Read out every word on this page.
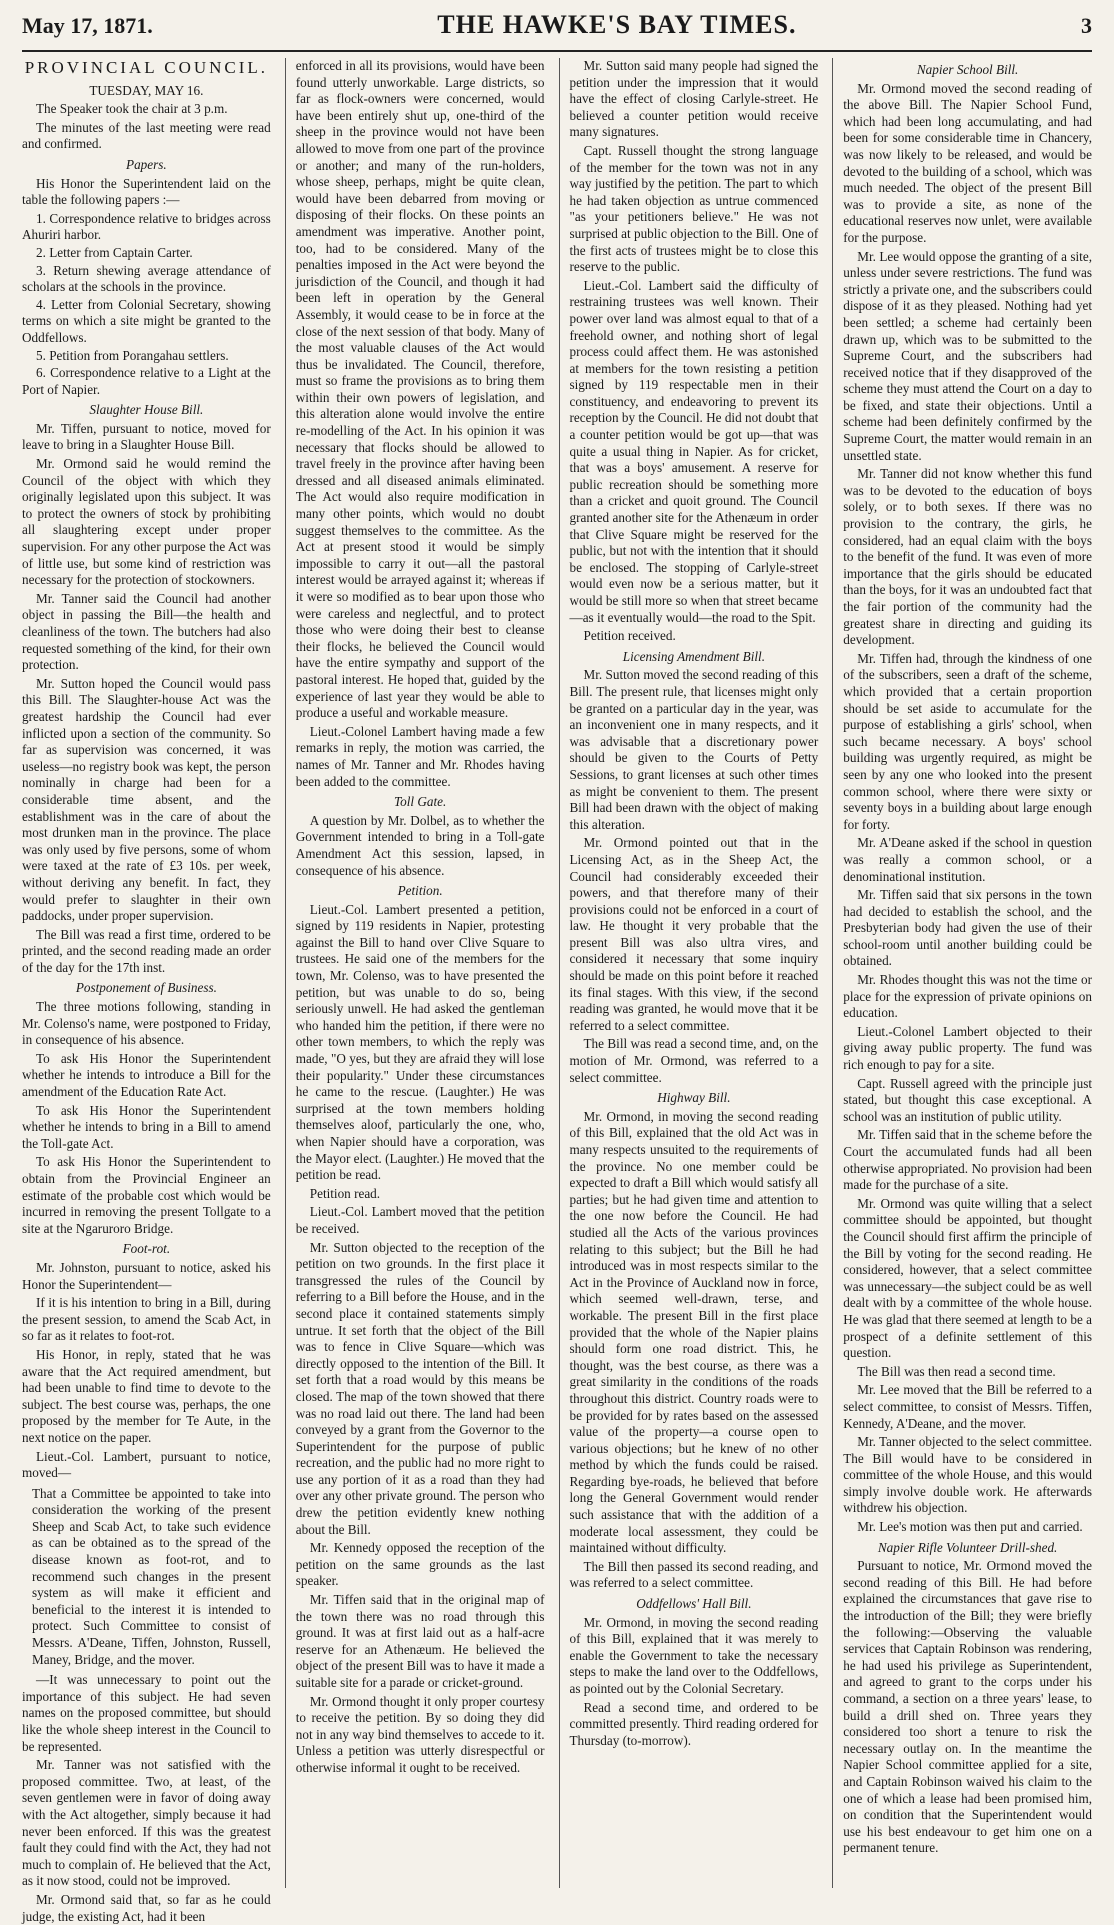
May 17, 1871.	THE HAWKE'S BAY TIMES.	3
PROVINCIAL COUNCIL.
TUESDAY, MAY 16.

The Speaker took the chair at 3 p.m.

The minutes of the last meeting were read and confirmed.

Papers.

His Honor the Superintendent laid on the table the following papers :—

1. Correspondence relative to bridges across Ahuriri harbor.
2. Letter from Captain Carter.
3. Return shewing average attendance of scholars at the schools in the province.
4. Letter from Colonial Secretary, showing terms on which a site might be granted to the Oddfellows.
5. Petition from Porangahau settlers.
6. Correspondence relative to a Light at the Port of Napier.
Slaughter House Bill.

Mr. Tiffen, pursuant to notice, moved for leave to bring in a Slaughter House Bill.

Mr. Ormond said he would remind the Council of the object with which they originally legislated upon this subject. It was to protect the owners of stock by prohibiting all slaughtering except under proper supervision. For any other purpose the Act was of little use, but some kind of restriction was necessary for the protection of stockowners.

Mr. Tanner said the Council had another object in passing the Bill—the health and cleanliness of the town. The butchers had also requested something of the kind, for their own protection.

Mr. Sutton hoped the Council would pass this Bill. The Slaughter-house Act was the greatest hardship the Council had ever inflicted upon a section of the community. So far as supervision was concerned, it was useless—no registry book was kept, the person nominally in charge had been for a considerable time absent, and the establishment was in the care of about the most drunken man in the province. The place was only used by five persons, some of whom were taxed at the rate of £3 10s. per week, without deriving any benefit. In fact, they would prefer to slaughter in their own paddocks, under proper supervision.

The Bill was read a first time, ordered to be printed, and the second reading made an order of the day for the 17th inst.

Postponement of Business.

The three motions following, standing in Mr. Colenso's name, were postponed to Friday, in consequence of his absence.

To ask His Honor the Superintendent whether he intends to introduce a Bill for the amendment of the Education Rate Act.

To ask His Honor the Superintendent whether he intends to bring in a Bill to amend the Toll-gate Act.

To ask His Honor the Superintendent to obtain from the Provincial Engineer an estimate of the probable cost which would be incurred in removing the present Tollgate to a site at the Ngaruroro Bridge.

Foot-rot.

Mr. Johnston, pursuant to notice, asked his Honor the Superintendent—

If it is his intention to bring in a Bill, during the present session, to amend the Scab Act, in so far as it relates to foot-rot.

His Honor, in reply, stated that he was aware that the Act required amendment, but had been unable to find time to devote to the subject. The best course was, perhaps, the one proposed by the member for Te Aute, in the next notice on the paper.

Lieut.-Col. Lambert, pursuant to notice, moved—

That a Committee be appointed to take into consideration the working of the present Sheep and Scab Act, to take such evidence as can be obtained as to the spread of the disease known as foot-rot, and to recommend such changes in the present system as will make it efficient and beneficial to the interest it is intended to protect. Such Committee to consist of Messrs. A'Deane, Tiffen, Johnston, Russell, Maney, Bridge, and the mover.

—It was unnecessary to point out the importance of this subject. He had seven names on the proposed committee, but should like the whole sheep interest in the Council to be represented.

Mr. Tanner was not satisfied with the proposed committee. Two, at least, of the seven gentlemen were in favor of doing away with the Act altogether, simply because it had never been enforced. If this was the greatest fault they could find with the Act, they had not much to complain of. He believed that the Act, as it now stood, could not be improved.

Mr. Ormond said that, so far as he could judge, the existing Act, had it been

enforced in all its provisions, would have been found utterly unworkable. Large districts, so far as flock-owners were concerned, would have been entirely shut up, one-third of the sheep in the province would not have been allowed to move from one part of the province or another; and many of the run-holders, whose sheep, perhaps, might be quite clean, would have been debarred from moving or disposing of their flocks. On these points an amendment was imperative. Another point, too, had to be considered. Many of the penalties imposed in the Act were beyond the jurisdiction of the Council, and though it had been left in operation by the General Assembly, it would cease to be in force at the close of the next session of that body. Many of the most valuable clauses of the Act would thus be invalidated. The Council, therefore, must so frame the provisions as to bring them within their own powers of legislation, and this alteration alone would involve the entire re-modelling of the Act. In his opinion it was necessary that flocks should be allowed to travel freely in the province after having been dressed and all diseased animals eliminated. The Act would also require modification in many other points, which would no doubt suggest themselves to the committee. As the Act at present stood it would be simply impossible to carry it out—all the pastoral interest would be arrayed against it; whereas if it were so modified as to bear upon those who were careless and neglectful, and to protect those who were doing their best to cleanse their flocks, he believed the Council would have the entire sympathy and support of the pastoral interest. He hoped that, guided by the experience of last year they would be able to produce a useful and workable measure.

Lieut.-Colonel Lambert having made a few remarks in reply, the motion was carried, the names of Mr. Tanner and Mr. Rhodes having been added to the committee.

Toll Gate.

A question by Mr. Dolbel, as to whether the Government intended to bring in a Toll-gate Amendment Act this session, lapsed, in consequence of his absence.

Petition.

Lieut.-Col. Lambert presented a petition, signed by 119 residents in Napier, protesting against the Bill to hand over Clive Square to trustees. He said one of the members for the town, Mr. Colenso, was to have presented the petition, but was unable to do so, being seriously unwell. He had asked the gentleman who handed him the petition, if there were no other town members, to which the reply was made, "O yes, but they are afraid they will lose their popularity." Under these circumstances he came to the rescue. (Laughter.) He was surprised at the town members holding themselves aloof, particularly the one, who, when Napier should have a corporation, was the Mayor elect. (Laughter.) He moved that the petition be read.

Petition read.

Lieut.-Col. Lambert moved that the petition be received.

Mr. Sutton objected to the reception of the petition on two grounds. In the first place it transgressed the rules of the Council by referring to a Bill before the House, and in the second place it contained statements simply untrue. It set forth that the object of the Bill was to fence in Clive Square—which was directly opposed to the intention of the Bill. It set forth that a road would by this means be closed. The map of the town showed that there was no road laid out there. The land had been conveyed by a grant from the Governor to the Superintendent for the purpose of public recreation, and the public had no more right to use any portion of it as a road than they had over any other private ground. The person who drew the petition evidently knew nothing about the Bill.

Mr. Kennedy opposed the reception of the petition on the same grounds as the last speaker.

Mr. Tiffen said that in the original map of the town there was no road through this ground. It was at first laid out as a half-acre reserve for an Athenæum. He believed the object of the present Bill was to have it made a suitable site for a parade or cricket-ground.

Mr. Ormond thought it only proper courtesy to receive the petition. By so doing they did not in any way bind themselves to accede to it. Unless a petition was utterly disrespectful or otherwise informal it ought to be received.

Mr. Sutton said many people had signed the petition under the impression that it would have the effect of closing Carlyle-street. He believed a counter petition would receive many signatures.

Capt. Russell thought the strong language of the member for the town was not in any way justified by the petition. The part to which he had taken objection as untrue commenced "as your petitioners believe." He was not surprised at public objection to the Bill. One of the first acts of trustees might be to close this reserve to the public.

Lieut.-Col. Lambert said the difficulty of restraining trustees was well known. Their power over land was almost equal to that of a freehold owner, and nothing short of legal process could affect them. He was astonished at members for the town resisting a petition signed by 119 respectable men in their constituency, and endeavoring to prevent its reception by the Council. He did not doubt that a counter petition would be got up—that was quite a usual thing in Napier. As for cricket, that was a boys' amusement. A reserve for public recreation should be something more than a cricket and quoit ground. The Council granted another site for the Athenæum in order that Clive Square might be reserved for the public, but not with the intention that it should be enclosed. The stopping of Carlyle-street would even now be a serious matter, but it would be still more so when that street became—as it eventually would—the road to the Spit.

Petition received.

Licensing Amendment Bill.

Mr. Sutton moved the second reading of this Bill. The present rule, that licenses might only be granted on a particular day in the year, was an inconvenient one in many respects, and it was advisable that a discretionary power should be given to the Courts of Petty Sessions, to grant licenses at such other times as might be convenient to them. The present Bill had been drawn with the object of making this alteration.

Mr. Ormond pointed out that in the Licensing Act, as in the Sheep Act, the Council had considerably exceeded their powers, and that therefore many of their provisions could not be enforced in a court of law. He thought it very probable that the present Bill was also ultra vires, and considered it necessary that some inquiry should be made on this point before it reached its final stages. With this view, if the second reading was granted, he would move that it be referred to a select committee.

The Bill was read a second time, and, on the motion of Mr. Ormond, was referred to a select committee.

Highway Bill.

Mr. Ormond, in moving the second reading of this Bill, explained that the old Act was in many respects unsuited to the requirements of the province. No one member could be expected to draft a Bill which would satisfy all parties; but he had given time and attention to the one now before the Council. He had studied all the Acts of the various provinces relating to this subject; but the Bill he had introduced was in most respects similar to the Act in the Province of Auckland now in force, which seemed well-drawn, terse, and workable. The present Bill in the first place provided that the whole of the Napier plains should form one road district. This, he thought, was the best course, as there was a great similarity in the conditions of the roads throughout this district. Country roads were to be provided for by rates based on the assessed value of the property—a course open to various objections; but he knew of no other method by which the funds could be raised. Regarding bye-roads, he believed that before long the General Government would render such assistance that with the addition of a moderate local assessment, they could be maintained without difficulty.

The Bill then passed its second reading, and was referred to a select committee.

Oddfellows' Hall Bill.

Mr. Ormond, in moving the second reading of this Bill, explained that it was merely to enable the Government to take the necessary steps to make the land over to the Oddfellows, as pointed out by the Colonial Secretary.

Read a second time, and ordered to be committed presently. Third reading ordered for Thursday (to-morrow).

Napier School Bill.

Mr. Ormond moved the second reading of the above Bill. The Napier School Fund, which had been long accumulating, and had been for some considerable time in Chancery, was now likely to be released, and would be devoted to the building of a school, which was much needed. The object of the present Bill was to provide a site, as none of the educational reserves now unlet, were available for the purpose.

Mr. Lee would oppose the granting of a site, unless under severe restrictions. The fund was strictly a private one, and the subscribers could dispose of it as they pleased. Nothing had yet been settled; a scheme had certainly been drawn up, which was to be submitted to the Supreme Court, and the subscribers had received notice that if they disapproved of the scheme they must attend the Court on a day to be fixed, and state their objections. Until a scheme had been definitely confirmed by the Supreme Court, the matter would remain in an unsettled state.

Mr. Tanner did not know whether this fund was to be devoted to the education of boys solely, or to both sexes. If there was no provision to the contrary, the girls, he considered, had an equal claim with the boys to the benefit of the fund. It was even of more importance that the girls should be educated than the boys, for it was an undoubted fact that the fair portion of the community had the greatest share in directing and guiding its development.

Mr. Tiffen had, through the kindness of one of the subscribers, seen a draft of the scheme, which provided that a certain proportion should be set aside to accumulate for the purpose of establishing a girls' school, when such became necessary. A boys' school building was urgently required, as might be seen by any one who looked into the present common school, where there were sixty or seventy boys in a building about large enough for forty.

Mr. A'Deane asked if the school in question was really a common school, or a denominational institution.

Mr. Tiffen said that six persons in the town had decided to establish the school, and the Presbyterian body had given the use of their school-room until another building could be obtained.

Mr. Rhodes thought this was not the time or place for the expression of private opinions on education.

Lieut.-Colonel Lambert objected to their giving away public property. The fund was rich enough to pay for a site.

Capt. Russell agreed with the principle just stated, but thought this case exceptional. A school was an institution of public utility.

Mr. Tiffen said that in the scheme before the Court the accumulated funds had all been otherwise appropriated. No provision had been made for the purchase of a site.

Mr. Ormond was quite willing that a select committee should be appointed, but thought the Council should first affirm the principle of the Bill by voting for the second reading. He considered, however, that a select committee was unnecessary—the subject could be as well dealt with by a committee of the whole house. He was glad that there seemed at length to be a prospect of a definite settlement of this question.

The Bill was then read a second time.

Mr. Lee moved that the Bill be referred to a select committee, to consist of Messrs. Tiffen, Kennedy, A'Deane, and the mover.

Mr. Tanner objected to the select committee. The Bill would have to be considered in committee of the whole House, and this would simply involve double work. He afterwards withdrew his objection.

Mr. Lee's motion was then put and carried.

Napier Rifle Volunteer Drill-shed.

Pursuant to notice, Mr. Ormond moved the second reading of this Bill. He had before explained the circumstances that gave rise to the introduction of the Bill; they were briefly the following:—Observing the valuable services that Captain Robinson was rendering, he had used his privilege as Superintendent, and agreed to grant to the corps under his command, a section on a three years' lease, to build a drill shed on. Three years they considered too short a tenure to risk the necessary outlay on. In the meantime the Napier School committee applied for a site, and Captain Robinson waived his claim to the one of which a lease had been promised him, on condition that the Superintendent would use his best endeavour to get him one on a permanent tenure.
